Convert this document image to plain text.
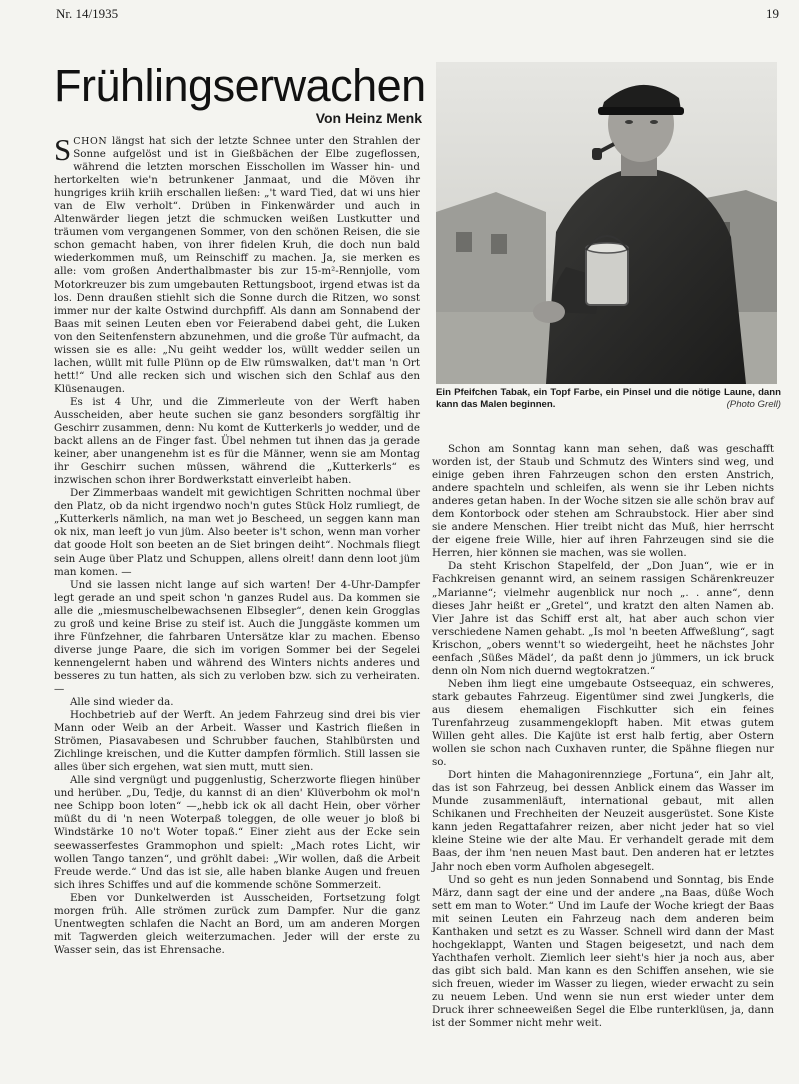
Nr. 14/1935	19
Frühlingserwachen
Von Heinz Menk

SCHON längst hat sich der letzte Schnee unter den Strahlen der Sonne aufgelöst und ist in Gießbächen der Elbe zugeflossen, während die letzten morschen Eisschollen im Wasser hin- und hertorkelten wie'n betrunkener Janmaat, und die Möven ihr hungriges kriih kriih erschallen ließen: „'t ward Tied, dat wi uns hier van de Elw verholt“. Drüben in Finkenwärder und auch in Altenwärder liegen jetzt die schmucken weißen Lustkutter und träumen vom vergangenen Sommer, von den schönen Reisen, die sie schon gemacht haben, von ihrer fidelen Kruh, die doch nun bald wiederkommen muß, um Reinschiff zu machen. Ja, sie merken es alle: vom großen Anderthalbmaster bis zur 15-m²-Rennjolle, vom Motorkreuzer bis zum umgebauten Rettungsboot, irgend etwas ist da los. Denn draußen stiehlt sich die Sonne durch die Ritzen, wo sonst immer nur der kalte Ostwind durchpfiff. Als dann am Sonnabend der Baas mit seinen Leuten eben vor Feierabend dabei geht, die Luken von den Seitenfenstern abzunehmen, und die große Tür aufmacht, da wissen sie es alle: „Nu geiht wedder los, wüllt wedder seilen un lachen, wüllt mit fulle Plünn op de Elw rümswalken, dat't man 'n Ort hett!“ Und alle recken sich und wischen sich den Schlaf aus den Klüsenaugen.

Es ist 4 Uhr, und die Zimmerleute von der Werft haben Ausscheiden, aber heute suchen sie ganz besonders sorgfältig ihr Geschirr zusammen, denn: Nu komt de Kutterkerls jo wedder, und de backt allens an de Finger fast. Übel nehmen tut ihnen das ja gerade keiner, aber unangenehm ist es für die Männer, wenn sie am Montag ihr Geschirr suchen müssen, während die „Kutterkerls“ es inzwischen schon ihrer Bordwerkstatt einverleibt haben.

Der Zimmerbaas wandelt mit gewichtigen Schritten nochmal über den Platz, ob da nicht irgendwo noch'n gutes Stück Holz rumliegt, de „Kutterkerls nämlich, na man wet jo Bescheed, un seggen kann man ok nix, man leeft jo vun jüm. Also beeter is't schon, wenn man vorher dat goode Holt son beeten an de Siet bringen deiht“. Nochmals fliegt sein Auge über Platz und Schuppen, allens olreit! dann denn loot jüm man komen. —

Und sie lassen nicht lange auf sich warten! Der 4-Uhr-Dampfer legt gerade an und speit schon 'n ganzes Rudel aus. Da kommen sie alle die „miesmuschelbewachsenen Elbsegler“, denen kein Grogglas zu groß und keine Brise zu steif ist. Auch die Junggäste kommen um ihre Fünfzehner, die fahrbaren Untersätze klar zu machen. Ebenso diverse junge Paare, die sich im vorigen Sommer bei der Segelei kennengelernt haben und während des Winters nichts anderes und besseres zu tun hatten, als sich zu verloben bzw. sich zu verheiraten. —

Alle sind wieder da.

Hochbetrieb auf der Werft. An jedem Fahrzeug sind drei bis vier Mann oder Weib an der Arbeit. Wasser und Kastrich fließen in Strömen, Piasavabesen und Schrubber fauchen, Stahlbürsten und Zichlinge kreischen, und die Kutter dampfen förmlich. Still lassen sie alles über sich ergehen, wat sien mutt, mutt sien.

Alle sind vergnügt und puggenlustig, Scherzworte fliegen hinüber und herüber. „Du, Tedje, du kannst di an dien' Klüverbohm ok mol'n nee Schipp boon loten“ —„hebb ick ok all dacht Hein, ober vörher müßt du di 'n neen Woterpaß toleggen, de olle weuer jo bloß bi Windstärke 10 no't Woter topaß.“ Einer zieht aus der Ecke sein seewasserfestes Grammophon und spielt: „Mach rotes Licht, wir wollen Tango tanzen“, und gröhlt dabei: „Wir wollen, daß die Arbeit Freude werde.“ Und das ist sie, alle haben blanke Augen und freuen sich ihres Schiffes und auf die kommende schöne Sommerzeit.

Eben vor Dunkelwerden ist Ausscheiden, Fortsetzung folgt morgen früh. Alle strömen zurück zum Dampfer. Nur die ganz Unentwegten schlafen die Nacht an Bord, um am anderen Morgen mit Tagwerden gleich weiterzumachen. Jeder will der erste zu Wasser sein, das ist Ehrensache.

Ein Pfeifchen Tabak, ein Topf Farbe, ein Pinsel und die nötige Laune, dann kann das Malen beginnen.	(Photo Grell)

Schon am Sonntag kann man sehen, daß was geschafft worden ist, der Staub und Schmutz des Winters sind weg, und einige geben ihren Fahrzeugen schon den ersten Anstrich, andere spachteln und schleifen, als wenn sie ihr Leben nichts anderes getan haben. In der Woche sitzen sie alle schön brav auf dem Kontorbock oder stehen am Schraubstock. Hier aber sind sie andere Menschen. Hier treibt nicht das Muß, hier herrscht der eigene freie Wille, hier auf ihren Fahrzeugen sind sie die Herren, hier können sie machen, was sie wollen.

Da steht Krischon Stapelfeld, der „Don Juan“, wie er in Fachkreisen genannt wird, an seinem rassigen Schärenkreuzer „Marianne“; vielmehr augenblick nur noch „. . anne“, denn dieses Jahr heißt er „Gretel“, und kratzt den alten Namen ab. Vier Jahre ist das Schiff erst alt, hat aber auch schon vier verschiedene Namen gehabt. „Is mol 'n beeten Affweßlung“, sagt Krischon, „obers wennt't so wiedergeiht, heet he nächstes Johr eenfach ‚Süßes Mädel‘, da paßt denn jo jümmers, un ick bruck denn oln Nom nich duernd wegtokratzen.“

Neben ihm liegt eine umgebaute Ostseequaz, ein schweres, stark gebautes Fahrzeug. Eigentümer sind zwei Jungkerls, die aus diesem ehemaligen Fischkutter sich ein feines Turenfahrzeug zusammengeklopft haben. Mit etwas gutem Willen geht alles. Die Kajüte ist erst halb fertig, aber Ostern wollen sie schon nach Cuxhaven runter, die Spähne fliegen nur so.

Dort hinten die Mahagonirennziege „Fortuna“, ein Jahr alt, das ist son Fahrzeug, bei dessen Anblick einem das Wasser im Munde zusammenläuft, international gebaut, mit allen Schikanen und Frechheiten der Neuzeit ausgerüstet. Sone Kiste kann jeden Regattafahrer reizen, aber nicht jeder hat so viel kleine Steine wie der alte Mau. Er verhandelt gerade mit dem Baas, der ihm 'nen neuen Mast baut. Den anderen hat er letztes Jahr noch eben vorm Aufholen abgesegelt.

Und so geht es nun jeden Sonnabend und Sonntag, bis Ende März, dann sagt der eine und der andere „na Baas, düße Woch sett em man to Woter.“ Und im Laufe der Woche kriegt der Baas mit seinen Leuten ein Fahrzeug nach dem anderen beim Kanthaken und setzt es zu Wasser. Schnell wird dann der Mast hochgeklappt, Wanten und Stagen beigesetzt, und nach dem Yachthafen verholt. Ziemlich leer sieht's hier ja noch aus, aber das gibt sich bald. Man kann es den Schiffen ansehen, wie sie sich freuen, wieder im Wasser zu liegen, wieder erwacht zu sein zu neuem Leben. Und wenn sie nun erst wieder unter dem Druck ihrer schneeweißen Segel die Elbe runterklüsen, ja, dann ist der Sommer nicht mehr weit.
